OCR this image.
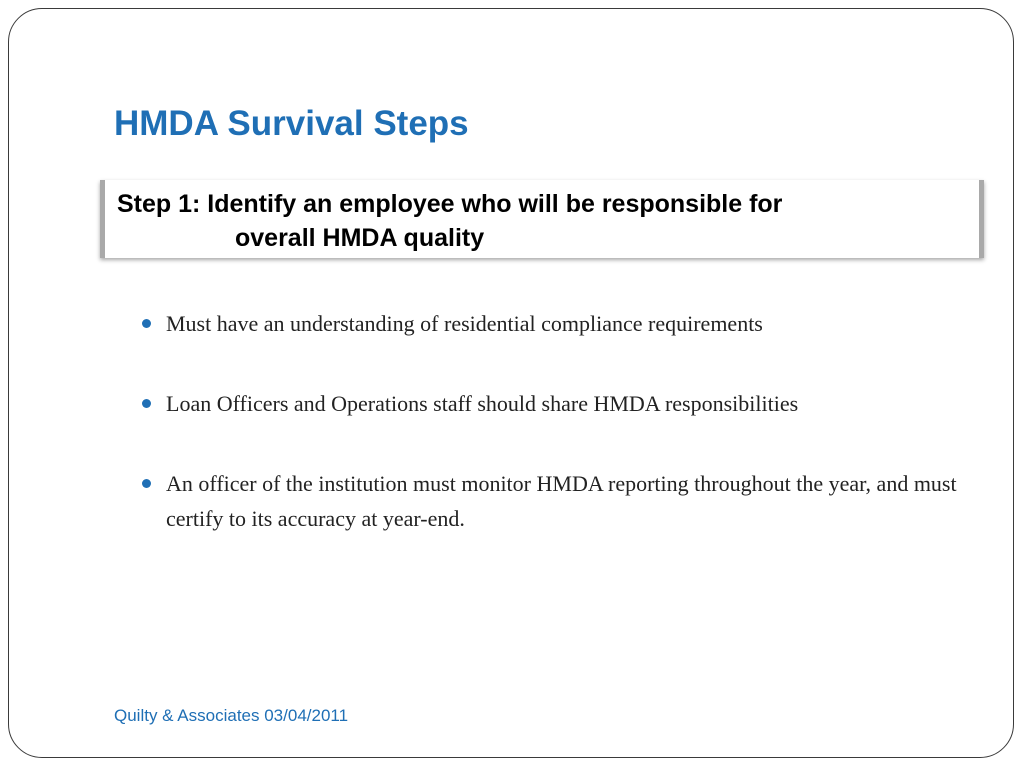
HMDA Survival Steps
Step 1: Identify an employee who will be responsible for
overall HMDA quality
Must have an understanding of residential compliance requirements
Loan Officers and Operations staff should share HMDA responsibilities
An officer of the institution must monitor HMDA reporting throughout the year, and must certify to its accuracy at year-end.
Quilty & Associates 03/04/2011
